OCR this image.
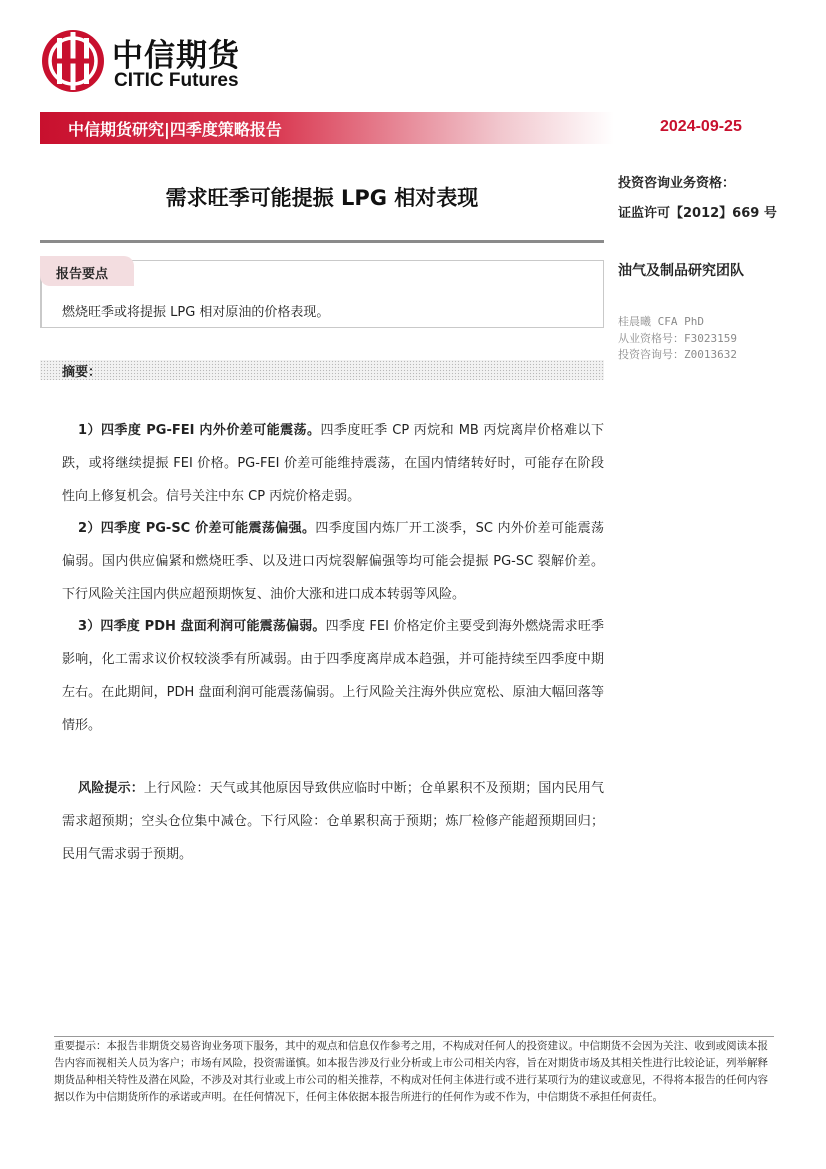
中信期货
CITIC Futures
中信期货研究|四季度策略报告	2024-09-25
需求旺季可能提振 LPG 相对表现
投资咨询业务资格：
证监许可【2012】669 号
油气及制品研究团队
桂晨曦 CFA PhD
从业资格号：F3023159
投资咨询号：Z0013632
报告要点
燃烧旺季或将提振 LPG 相对原油的价格表现。
摘要：
1）四季度 PG-FEI 内外价差可能震荡。四季度旺季 CP 丙烷和 MB 丙烷离岸价格难以下跌，或将继续提振 FEI 价格。PG-FEI 价差可能维持震荡，在国内情绪转好时，可能存在阶段性向上修复机会。信号关注中东 CP 丙烷价格走弱。
2）四季度 PG-SC 价差可能震荡偏强。四季度国内炼厂开工淡季，SC 内外价差可能震荡偏弱。国内供应偏紧和燃烧旺季、以及进口丙烷裂解偏强等均可能会提振 PG-SC 裂解价差。下行风险关注国内供应超预期恢复、油价大涨和进口成本转弱等风险。
3）四季度 PDH 盘面利润可能震荡偏弱。四季度 FEI 价格定价主要受到海外燃烧需求旺季影响，化工需求议价权较淡季有所减弱。由于四季度离岸成本趋强，并可能持续至四季度中期左右。在此期间，PDH 盘面利润可能震荡偏弱。上行风险关注海外供应宽松、原油大幅回落等情形。
风险提示：上行风险：天气或其他原因导致供应临时中断；仓单累积不及预期；国内民用气需求超预期；空头仓位集中减仓。下行风险：仓单累积高于预期；炼厂检修产能超预期回归；民用气需求弱于预期。
重要提示：本报告非期货交易咨询业务项下服务，其中的观点和信息仅作参考之用，不构成对任何人的投资建议。中信期货不会因为关注、收到或阅读本报告内容而视相关人员为客户；市场有风险，投资需谨慎。如本报告涉及行业分析或上市公司相关内容，旨在对期货市场及其相关性进行比较论证，列举解释期货品种相关特性及潜在风险，不涉及对其行业或上市公司的相关推荐，不构成对任何主体进行或不进行某项行为的建议或意见，不得将本报告的任何内容据以作为中信期货所作的承诺或声明。在任何情况下，任何主体依据本报告所进行的任何作为或不作为，中信期货不承担任何责任。
